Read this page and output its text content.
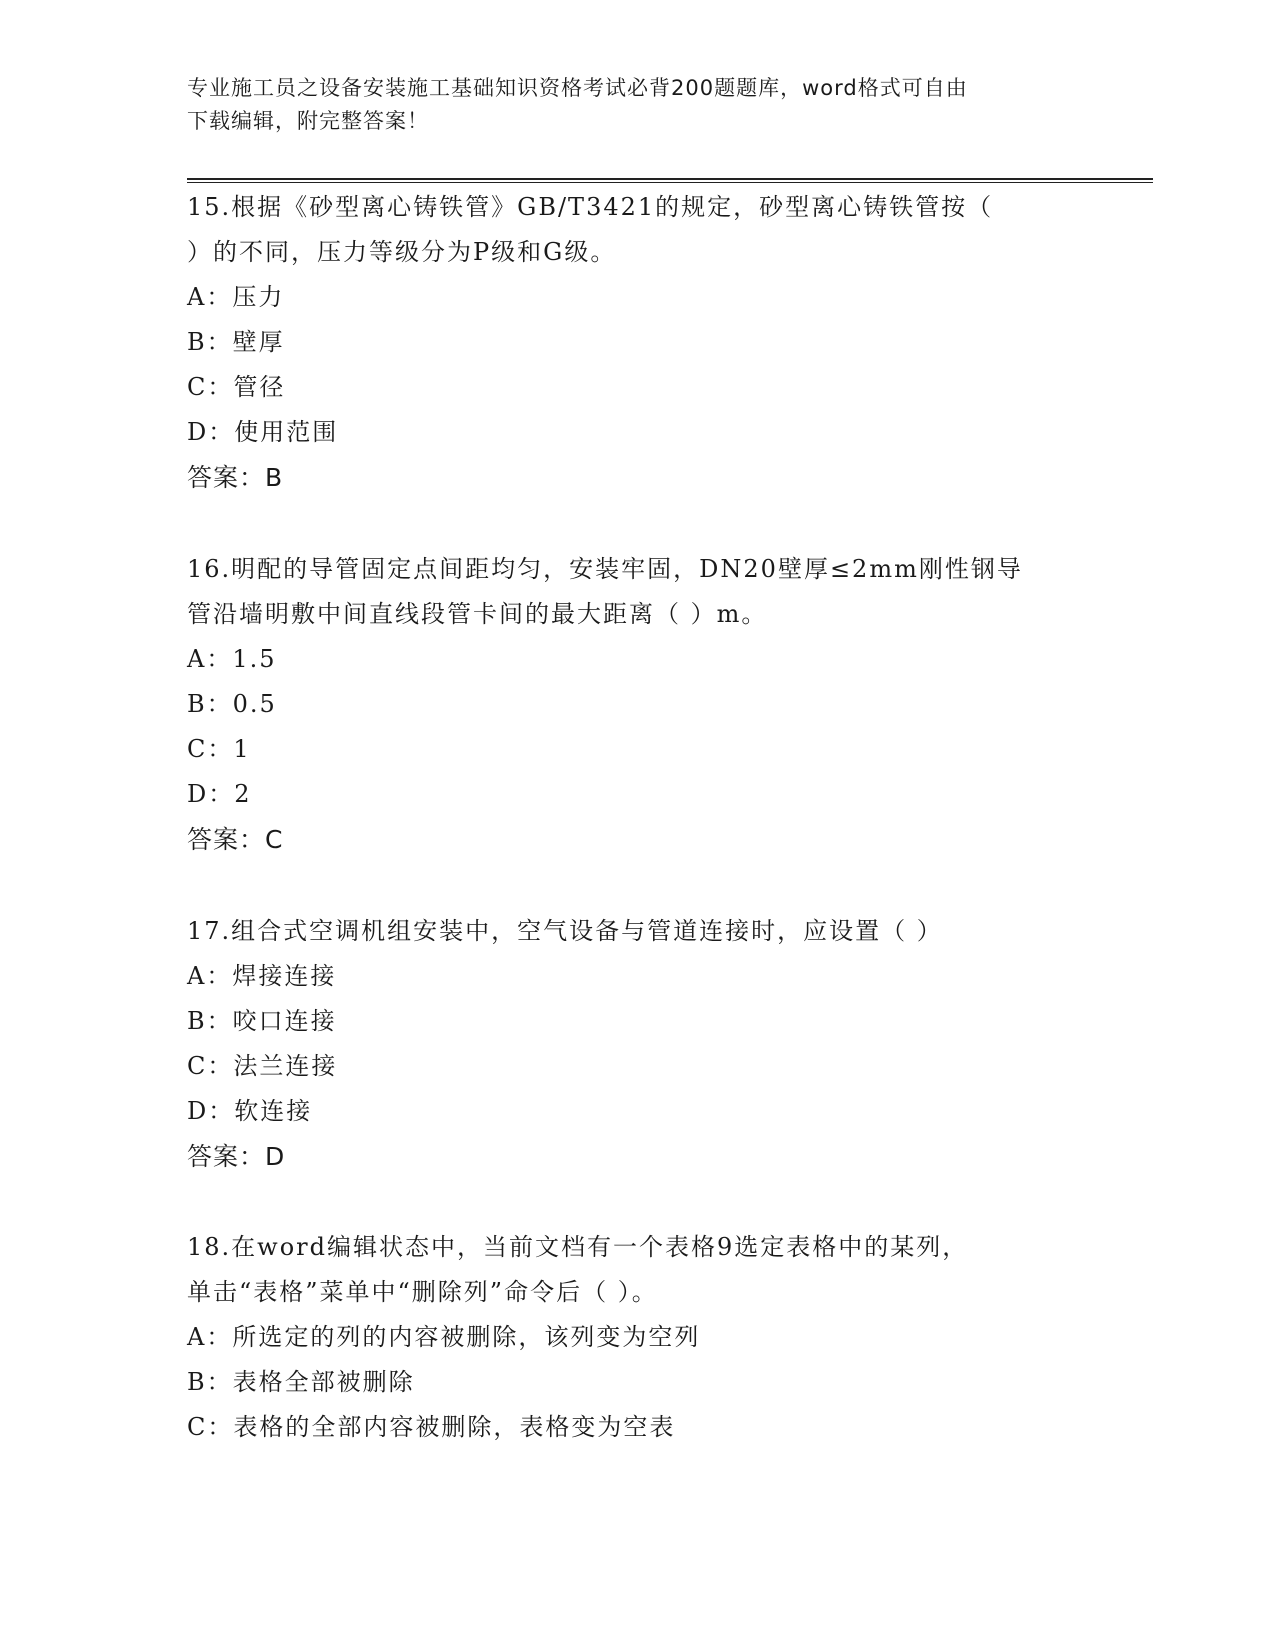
专业施工员之设备安装施工基础知识资格考试必背200题题库，word格式可自由
下载编辑，附完整答案！
15.根据《砂型离心铸铁管》GB/T3421的规定，砂型离心铸铁管按（
）的不同，压力等级分为P级和G级。
A：压力
B：壁厚
C：管径
D：使用范围
答案：B
16.明配的导管固定点间距均匀，安装牢固，DN20壁厚≤2mm刚性钢导
管沿墙明敷中间直线段管卡间的最大距离（ ）m。
A：1.5
B：0.5
C：1
D：2
答案：C
17.组合式空调机组安装中，空气设备与管道连接时，应设置（ ）
A：焊接连接
B：咬口连接
C：法兰连接
D：软连接
答案：D
18.在word编辑状态中，当前文档有一个表格9选定表格中的某列，
单击“表格”菜单中“删除列”命令后（ ）。
A：所选定的列的内容被删除，该列变为空列
B：表格全部被删除
C：表格的全部内容被删除，表格变为空表
